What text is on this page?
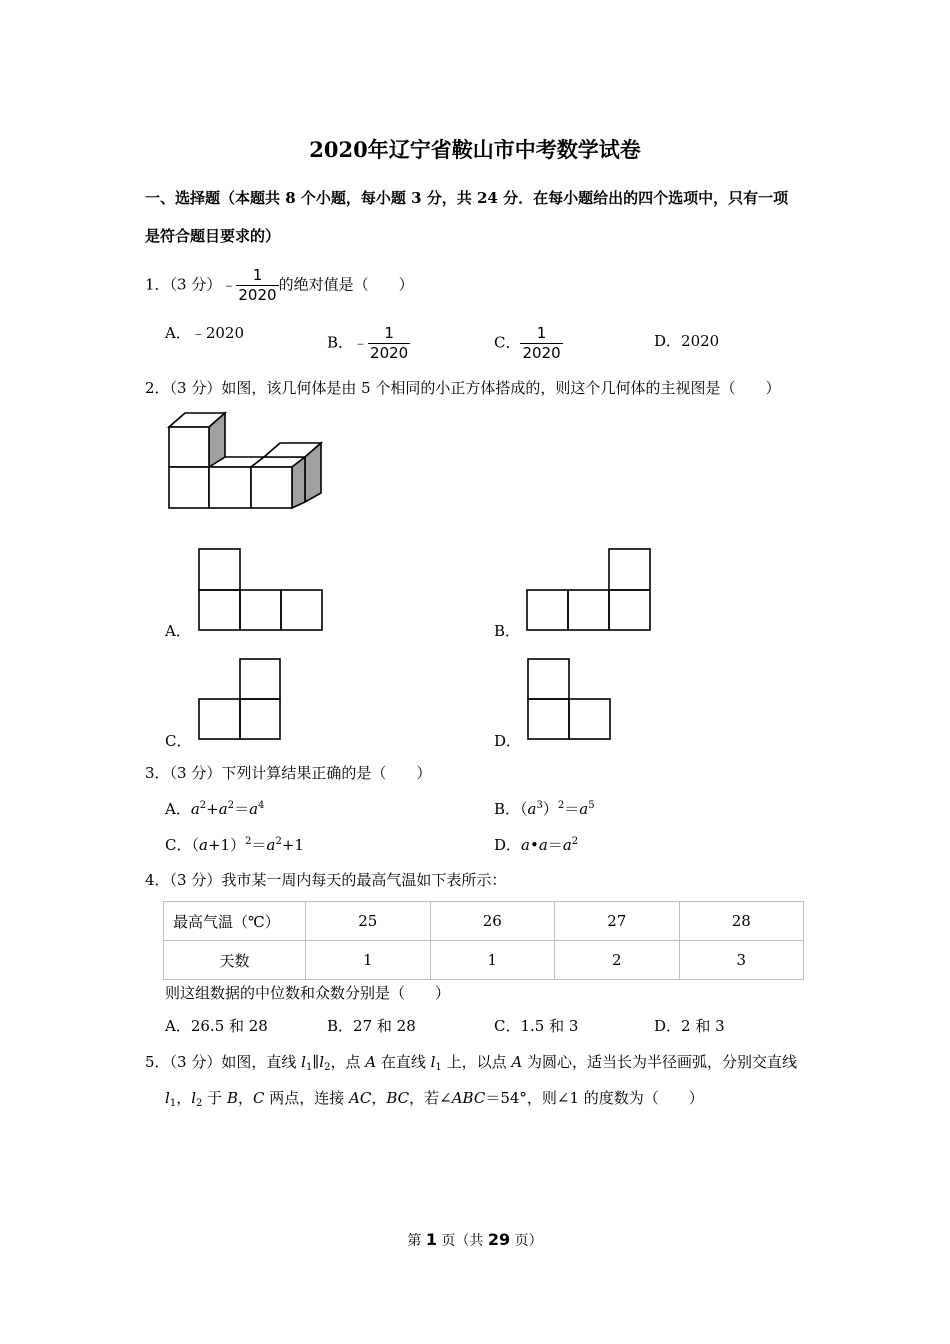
2020年辽宁省鞍山市中考数学试卷
一、选择题（本题共 8 个小题，每小题 3 分，共 24 分．在每小题给出的四个选项中，只有一项
是符合题目要求的）
1．（3 分）﹣ $\frac{1}{2020}$ 的绝对值是（　　）
A．﹣2020
B．﹣ $\frac{1}{2020}$	C． $\frac{1}{2020}$	D．2020
2．（3 分）如图，该几何体是由 5 个相同的小正方体搭成的，则这个几何体的主视图是（　　）
A．	B．
C．	D．
3．（3 分）下列计算结果正确的是（　　）
A．$a^2+a^2=a^4$	B．$(a^3)^2=a^5$
C．$(a+1)^2=a^2+1$	D．$a•a=a^2$
4．（3 分）我市某一周内每天的最高气温如下表所示：
最高气温（℃）	25	26	27	28
天数	1	1	2	3
则这组数据的中位数和众数分别是（　　）
A．26.5 和 28	B．27 和 28	C．1.5 和 3	D．2 和 3
5．（3 分）如图，直线 $l_1\parallel l_2$，点 A 在直线 $l_1$ 上，以点 A 为圆心，适当长为半径画弧，分别交直线
$l_1$，$l_2$ 于 B，C 两点，连接 AC，BC，若∠ABC＝54°，则∠1 的度数为（　　）
第 1 页（共 29 页）
